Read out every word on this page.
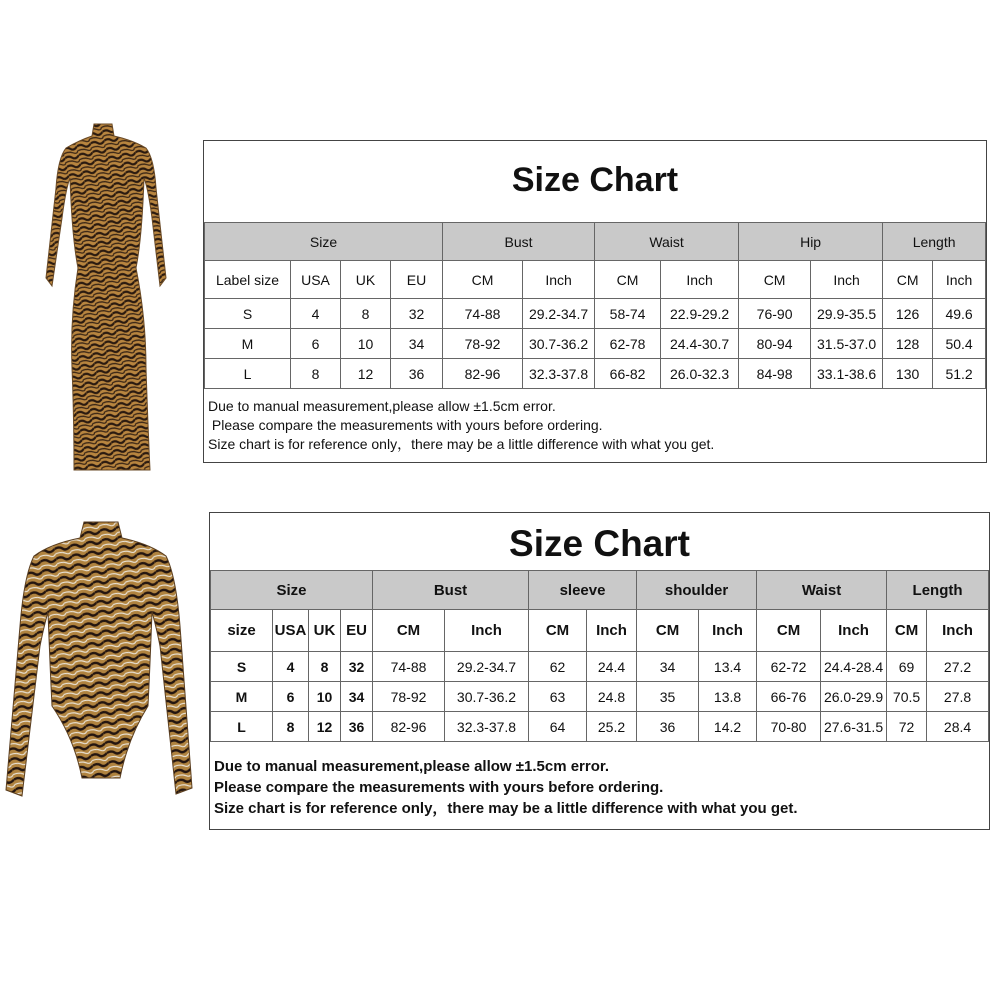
Size Chart
Size				Bust		Waist		Hip		Length	
Label size	USA	UK	EU	CM	Inch	CM	Inch	CM	Inch	CM	Inch
S	4	8	32	74-88	29.2-34.7	58-74	22.9-29.2	76-90	29.9-35.5	126	49.6
M	6	10	34	78-92	30.7-36.2	62-78	24.4-30.7	80-94	31.5-37.0	128	50.4
L	8	12	36	82-96	32.3-37.8	66-82	26.0-32.3	84-98	33.1-38.6	130	51.2
Due to manual measurement,please allow ±1.5cm error.
Please compare the measurements with yours before ordering.
Size chart is for reference only，there may be a little difference with what you get.
Size Chart
Size				Bust		sleeve		shoulder		Waist		Length	
size	USA	UK	EU	CM	Inch	CM	Inch	CM	Inch	CM	Inch	CM	Inch
S	4	8	32	74-88	29.2-34.7	62	24.4	34	13.4	62-72	24.4-28.4	69	27.2
M	6	10	34	78-92	30.7-36.2	63	24.8	35	13.8	66-76	26.0-29.9	70.5	27.8
L	8	12	36	82-96	32.3-37.8	64	25.2	36	14.2	70-80	27.6-31.5	72	28.4
Due to manual measurement,please allow ±1.5cm error.
Please compare the measurements with yours before ordering.
Size chart is for reference only，there may be a little difference with what you get.
